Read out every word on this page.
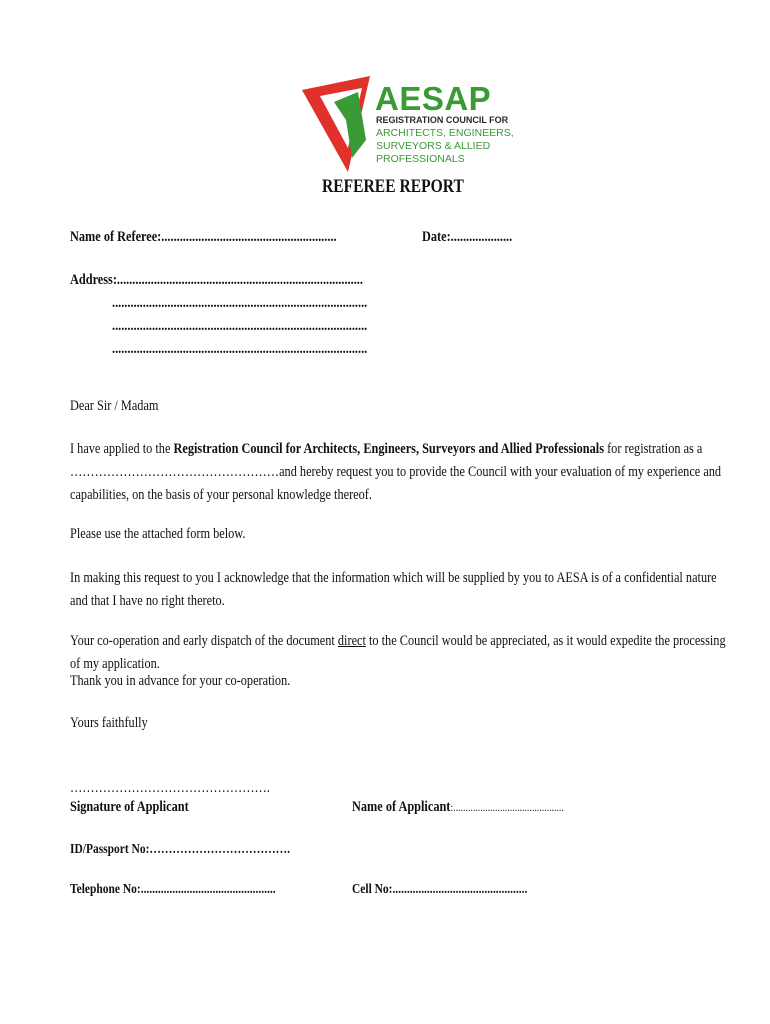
AESAP
REGISTRATION COUNCIL FOR
ARCHITECTS, ENGINEERS,
SURVEYORS & ALLIED
PROFESSIONALS
REFEREE REPORT
Name of Referee:.........................................................	Date:....................
Address:................................................................................
...................................................................................
...................................................................................
...................................................................................
Dear Sir / Madam
I have applied to the Registration Council for Architects, Engineers, Surveyors and Allied Professionals for registration as a
……………………………………………and hereby request you to provide the Council with your evaluation of my experience and capabilities, on the basis of your personal knowledge thereof.
Please use the attached form below.
In making this request to you I acknowledge that the information which will be supplied by you to AESA is of a confidential nature and that I have no right thereto.
Your co-operation and early dispatch of the document direct to the Council would be appreciated, as it would expedite the processing of my application.
Thank you in advance for your co-operation.
Yours faithfully
………………………………………….
Signature of Applicant	Name of Applicant:.............................................
ID/Passport No:……………………………….
Telephone No:...............................................	Cell No:...............................................
